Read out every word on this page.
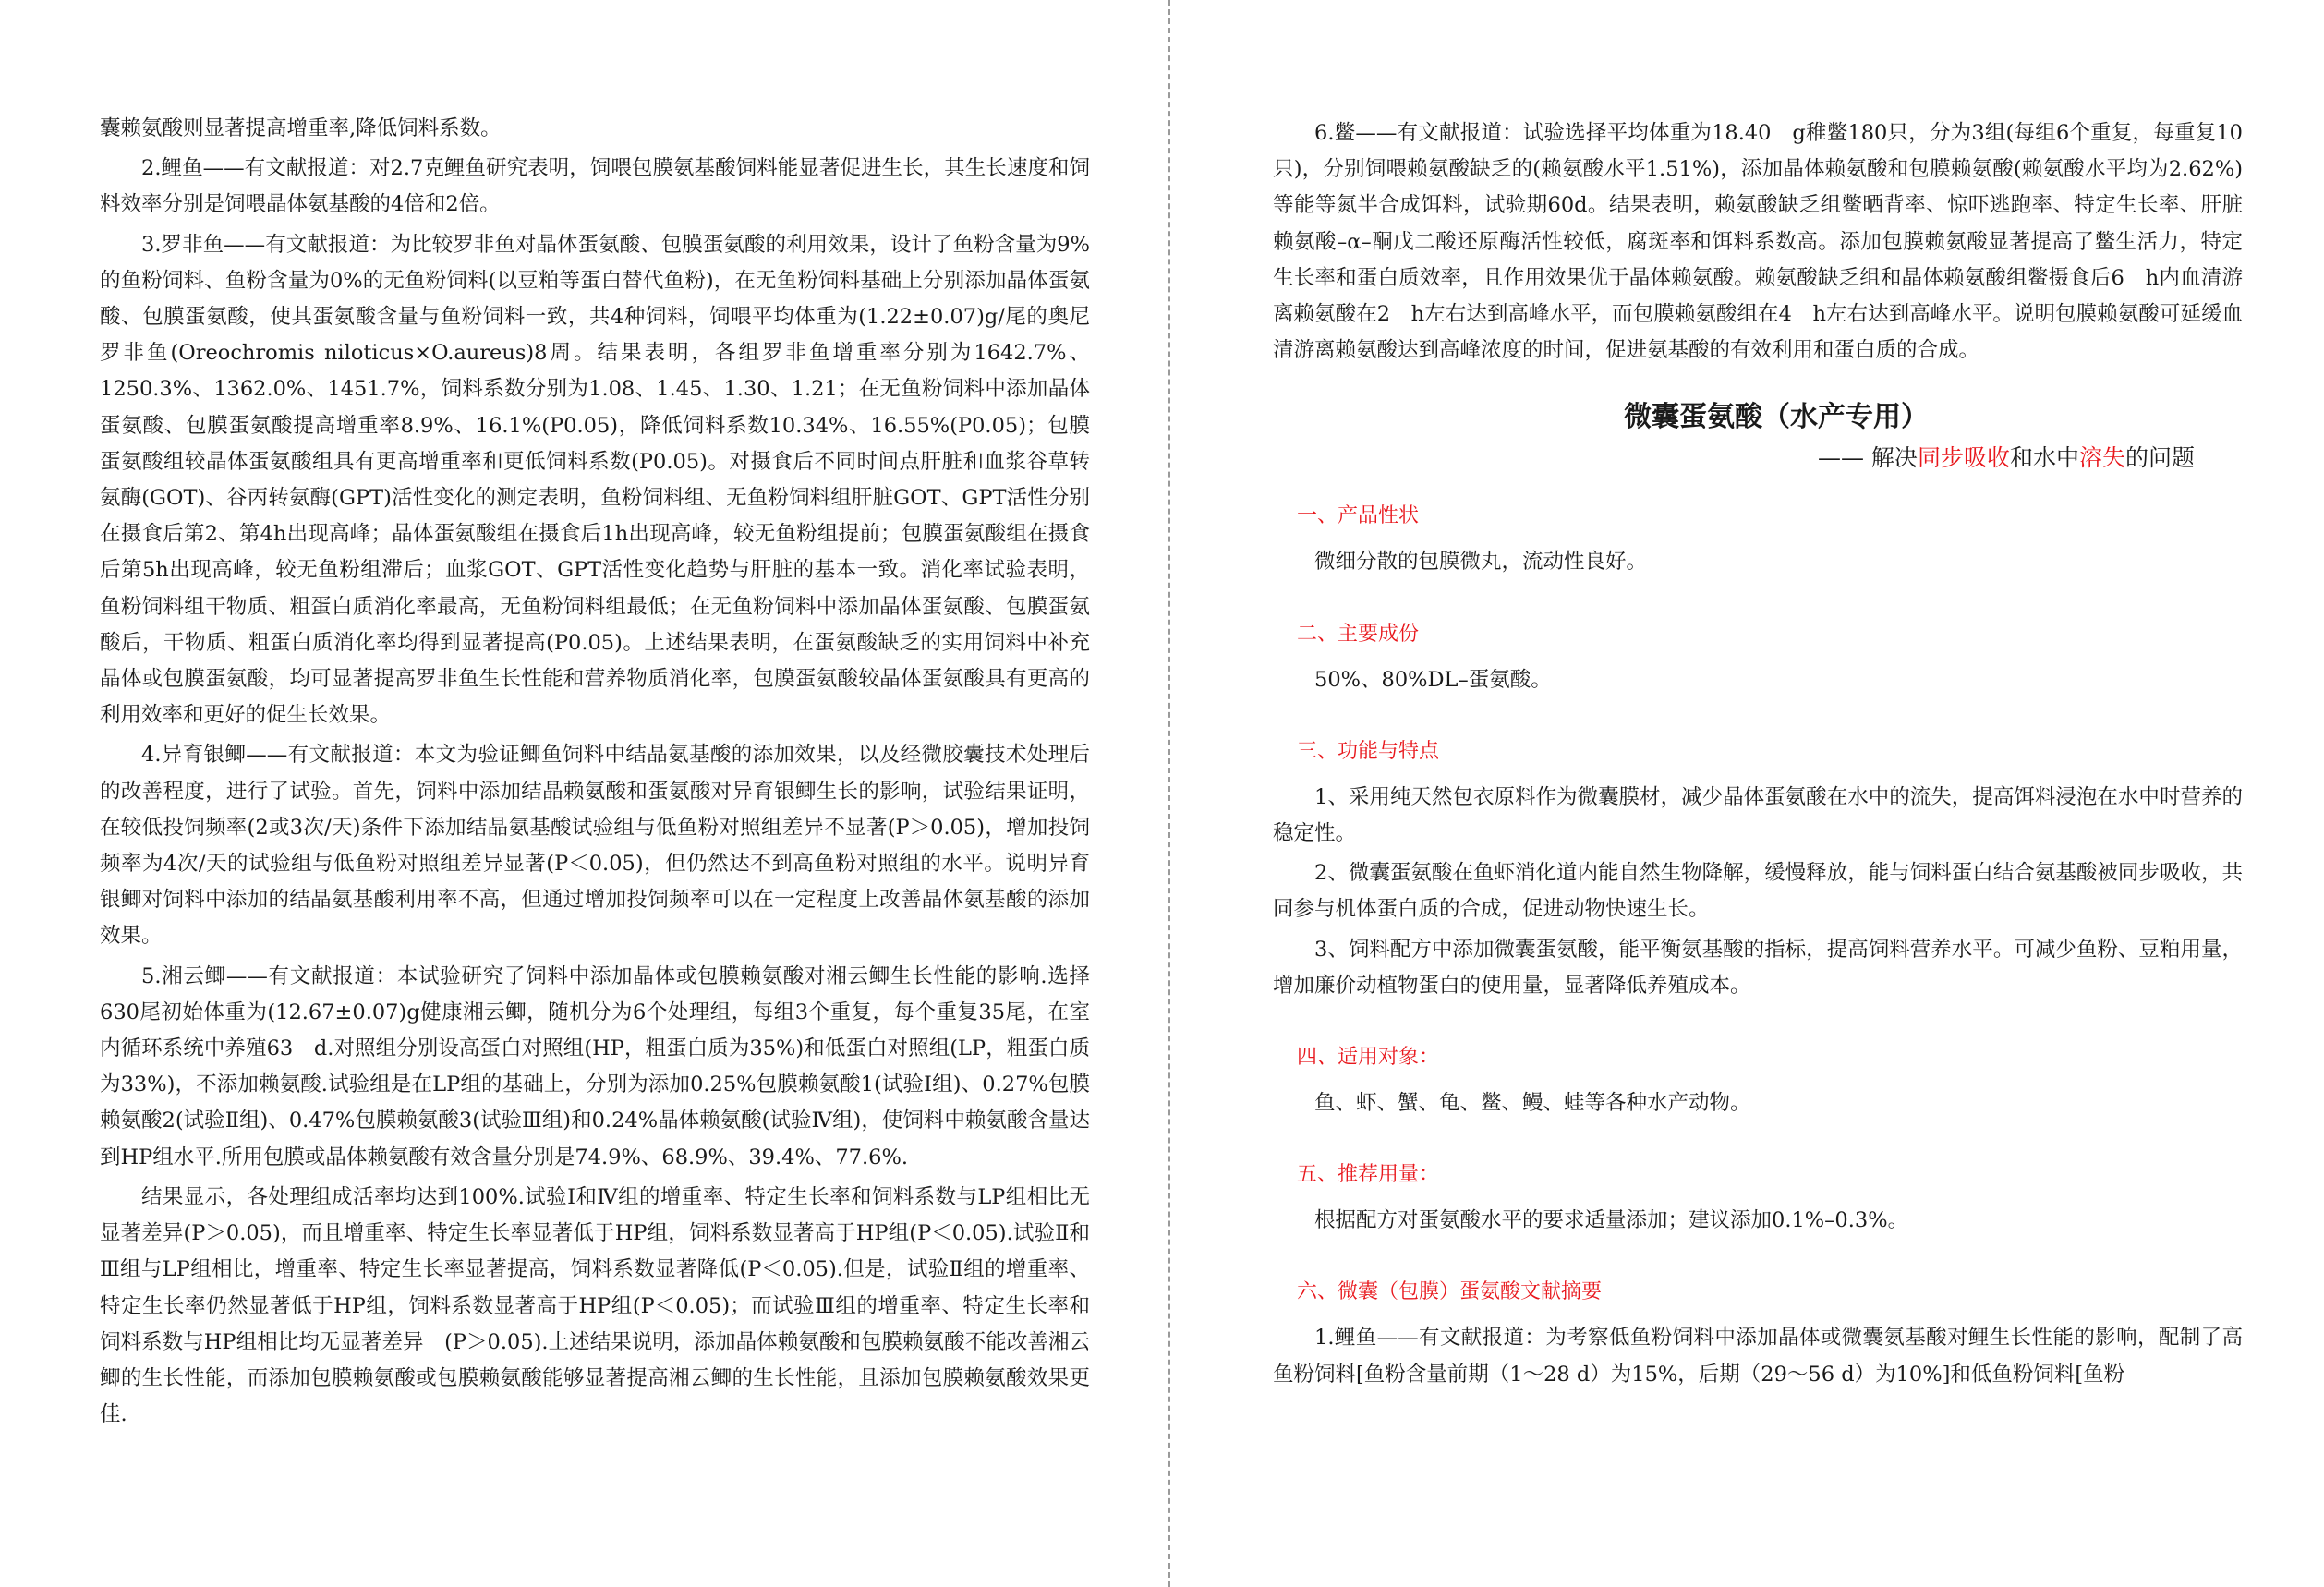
囊赖氨酸则显著提高增重率,降低饲料系数。

2.鲤鱼——有文献报道：对2.7克鲤鱼研究表明，饲喂包膜氨基酸饲料能显著促进生长，其生长速度和饲料效率分别是饲喂晶体氨基酸的4倍和2倍。

3.罗非鱼——有文献报道：为比较罗非鱼对晶体蛋氨酸、包膜蛋氨酸的利用效果，设计了鱼粉含量为9%的鱼粉饲料、鱼粉含量为0%的无鱼粉饲料(以豆粕等蛋白替代鱼粉)，在无鱼粉饲料基础上分别添加晶体蛋氨酸、包膜蛋氨酸，使其蛋氨酸含量与鱼粉饲料一致，共4种饲料，饲喂平均体重为(1.22±0.07)g/尾的奥尼罗非鱼(Oreochromis niloticus×O.aureus)8周。结果表明，各组罗非鱼增重率分别为1642.7%、1250.3%、1362.0%、1451.7%，饲料系数分别为1.08、1.45、1.30、1.21；在无鱼粉饲料中添加晶体蛋氨酸、包膜蛋氨酸提高增重率8.9%、16.1%(P0.05)，降低饲料系数10.34%、16.55%(P0.05)；包膜蛋氨酸组较晶体蛋氨酸组具有更高增重率和更低饲料系数(P0.05)。对摄食后不同时间点肝脏和血浆谷草转氨酶(GOT)、谷丙转氨酶(GPT)活性变化的测定表明，鱼粉饲料组、无鱼粉饲料组肝脏GOT、GPT活性分别在摄食后第2、第4h出现高峰；晶体蛋氨酸组在摄食后1h出现高峰，较无鱼粉组提前；包膜蛋氨酸组在摄食后第5h出现高峰，较无鱼粉组滞后；血浆GOT、GPT活性变化趋势与肝脏的基本一致。消化率试验表明，鱼粉饲料组干物质、粗蛋白质消化率最高，无鱼粉饲料组最低；在无鱼粉饲料中添加晶体蛋氨酸、包膜蛋氨酸后，干物质、粗蛋白质消化率均得到显著提高(P0.05)。上述结果表明，在蛋氨酸缺乏的实用饲料中补充晶体或包膜蛋氨酸，均可显著提高罗非鱼生长性能和营养物质消化率，包膜蛋氨酸较晶体蛋氨酸具有更高的利用效率和更好的促生长效果。

4.异育银鲫——有文献报道：本文为验证鲫鱼饲料中结晶氨基酸的添加效果，以及经微胶囊技术处理后的改善程度，进行了试验。首先，饲料中添加结晶赖氨酸和蛋氨酸对异育银鲫生长的影响，试验结果证明，在较低投饲频率(2或3次/天)条件下添加结晶氨基酸试验组与低鱼粉对照组差异不显著(P＞0.05)，增加投饲频率为4次/天的试验组与低鱼粉对照组差异显著(P＜0.05)，但仍然达不到高鱼粉对照组的水平。说明异育银鲫对饲料中添加的结晶氨基酸利用率不高，但通过增加投饲频率可以在一定程度上改善晶体氨基酸的添加效果。

5.湘云鲫——有文献报道：本试验研究了饲料中添加晶体或包膜赖氨酸对湘云鲫生长性能的影响.选择630尾初始体重为(12.67±0.07)g健康湘云鲫，随机分为6个处理组，每组3个重复，每个重复35尾，在室内循环系统中养殖63　d.对照组分别设高蛋白对照组(HP，粗蛋白质为35%)和低蛋白对照组(LP，粗蛋白质为33%)，不添加赖氨酸.试验组是在LP组的基础上，分别为添加0.25%包膜赖氨酸1(试验Ⅰ组)、0.27%包膜赖氨酸2(试验Ⅱ组)、0.47%包膜赖氨酸3(试验Ⅲ组)和0.24%晶体赖氨酸(试验Ⅳ组)，使饲料中赖氨酸含量达到HP组水平.所用包膜或晶体赖氨酸有效含量分别是74.9%、68.9%、39.4%、77.6%.

结果显示，各处理组成活率均达到100%.试验Ⅰ和Ⅳ组的增重率、特定生长率和饲料系数与LP组相比无显著差异(P＞0.05)，而且增重率、特定生长率显著低于HP组，饲料系数显著高于HP组(P＜0.05).试验Ⅱ和Ⅲ组与LP组相比，增重率、特定生长率显著提高，饲料系数显著降低(P＜0.05).但是，试验Ⅱ组的增重率、特定生长率仍然显著低于HP组，饲料系数显著高于HP组(P＜0.05)；而试验Ⅲ组的增重率、特定生长率和饲料系数与HP组相比均无显著差异　(P＞0.05).上述结果说明，添加晶体赖氨酸和包膜赖氨酸不能改善湘云鲫的生长性能，而添加包膜赖氨酸或包膜赖氨酸能够显著提高湘云鲫的生长性能，且添加包膜赖氨酸效果更佳.

6.鳖——有文献报道：试验选择平均体重为18.40　g稚鳖180只，分为3组(每组6个重复，每重复10只)，分别饲喂赖氨酸缺乏的(赖氨酸水平1.51%)，添加晶体赖氨酸和包膜赖氨酸(赖氨酸水平均为2.62%)等能等氮半合成饵料，试验期60d。结果表明，赖氨酸缺乏组鳖晒背率、惊吓逃跑率、特定生长率、肝脏赖氨酸–α–酮戊二酸还原酶活性较低，腐斑率和饵料系数高。添加包膜赖氨酸显著提高了鳖生活力，特定生长率和蛋白质效率，且作用效果优于晶体赖氨酸。赖氨酸缺乏组和晶体赖氨酸组鳖摄食后6　h内血清游离赖氨酸在2　h左右达到高峰水平，而包膜赖氨酸组在4　h左右达到高峰水平。说明包膜赖氨酸可延缓血清游离赖氨酸达到高峰浓度的时间，促进氨基酸的有效利用和蛋白质的合成。

微囊蛋氨酸（水产专用）
—— 解决同步吸收和水中溶失的问题
一、产品性状

微细分散的包膜微丸，流动性良好。

二、主要成份

50%、80%DL–蛋氨酸。

三、功能与特点

1、采用纯天然包衣原料作为微囊膜材，减少晶体蛋氨酸在水中的流失，提高饵料浸泡在水中时营养的稳定性。

2、微囊蛋氨酸在鱼虾消化道内能自然生物降解，缓慢释放，能与饲料蛋白结合氨基酸被同步吸收，共同参与机体蛋白质的合成，促进动物快速生长。

3、饲料配方中添加微囊蛋氨酸，能平衡氨基酸的指标，提高饲料营养水平。可减少鱼粉、豆粕用量，增加廉价动植物蛋白的使用量，显著降低养殖成本。

四、适用对象：

鱼、虾、蟹、龟、鳖、鳗、蛙等各种水产动物。

五、推荐用量：

根据配方对蛋氨酸水平的要求适量添加；建议添加0.1%–0.3%。

六、微囊（包膜）蛋氨酸文献摘要

1.鲤鱼——有文献报道：为考察低鱼粉饲料中添加晶体或微囊氨基酸对鲤生长性能的影响，配制了高鱼粉饲料[鱼粉含量前期（1～28 d）为15%，后期（29～56 d）为10%]和低鱼粉饲料[鱼粉
